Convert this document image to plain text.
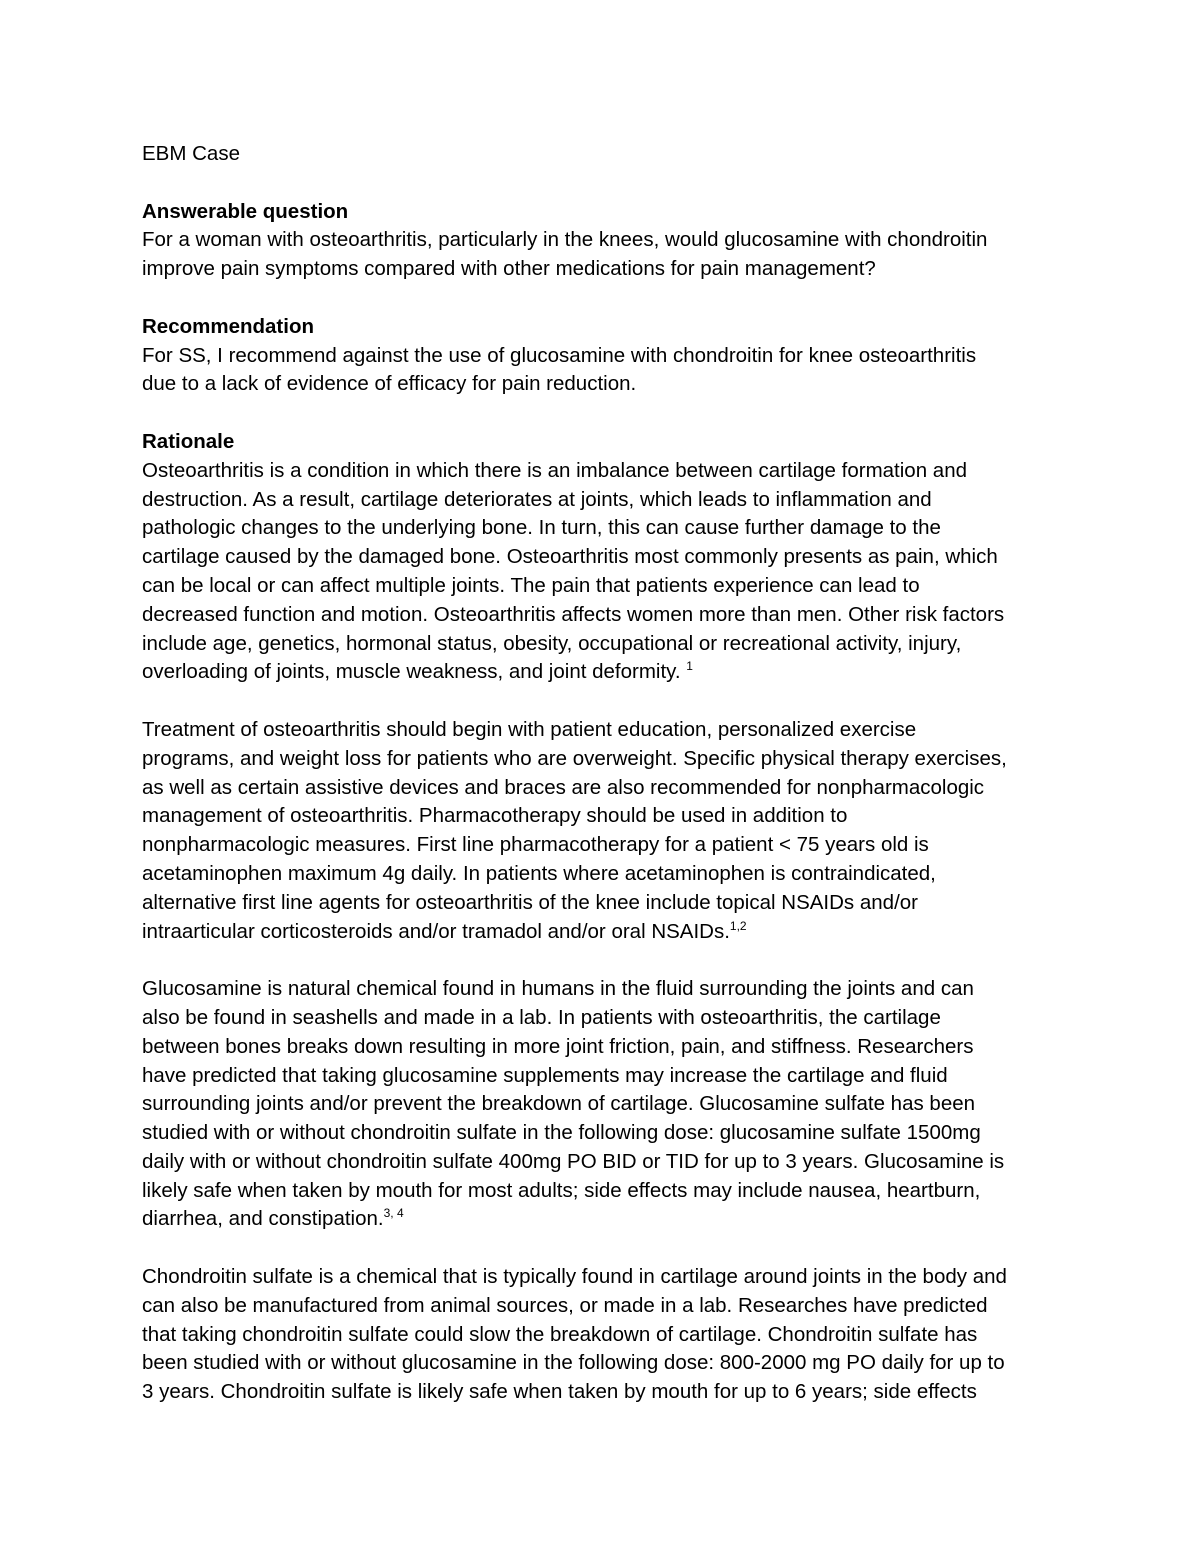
EBM Case
Answerable question

For a woman with osteoarthritis, particularly in the knees, would glucosamine with chondroitin
improve pain symptoms compared with other medications for pain management?

Recommendation

For SS, I recommend against the use of glucosamine with chondroitin for knee osteoarthritis
due to a lack of evidence of efficacy for pain reduction.

Rationale

Osteoarthritis is a condition in which there is an imbalance between cartilage formation and
destruction. As a result, cartilage deteriorates at joints, which leads to inflammation and
pathologic changes to the underlying bone. In turn, this can cause further damage to the
cartilage caused by the damaged bone. Osteoarthritis most commonly presents as pain, which
can be local or can affect multiple joints. The pain that patients experience can lead to
decreased function and motion. Osteoarthritis affects women more than men. Other risk factors
include age, genetics, hormonal status, obesity, occupational or recreational activity, injury,
overloading of joints, muscle weakness, and joint deformity. $^1$

Treatment of osteoarthritis should begin with patient education, personalized exercise
programs, and weight loss for patients who are overweight. Specific physical therapy exercises,
as well as certain assistive devices and braces are also recommended for nonpharmacologic
management of osteoarthritis. Pharmacotherapy should be used in addition to
nonpharmacologic measures. First line pharmacotherapy for a patient < 75 years old is
acetaminophen maximum 4g daily. In patients where acetaminophen is contraindicated,
alternative first line agents for osteoarthritis of the knee include topical NSAIDs and/or
intraarticular corticosteroids and/or tramadol and/or oral NSAIDs.$^{1,2}$

Glucosamine is natural chemical found in humans in the fluid surrounding the joints and can
also be found in seashells and made in a lab. In patients with osteoarthritis, the cartilage
between bones breaks down resulting in more joint friction, pain, and stiffness. Researchers
have predicted that taking glucosamine supplements may increase the cartilage and fluid
surrounding joints and/or prevent the breakdown of cartilage. Glucosamine sulfate has been
studied with or without chondroitin sulfate in the following dose: glucosamine sulfate 1500mg
daily with or without chondroitin sulfate 400mg PO BID or TID for up to 3 years. Glucosamine is
likely safe when taken by mouth for most adults; side effects may include nausea, heartburn,
diarrhea, and constipation.$^{3, 4}$

Chondroitin sulfate is a chemical that is typically found in cartilage around joints in the body and
can also be manufactured from animal sources, or made in a lab. Researches have predicted
that taking chondroitin sulfate could slow the breakdown of cartilage. Chondroitin sulfate has
been studied with or without glucosamine in the following dose: 800-2000 mg PO daily for up to
3 years. Chondroitin sulfate is likely safe when taken by mouth for up to 6 years; side effects
